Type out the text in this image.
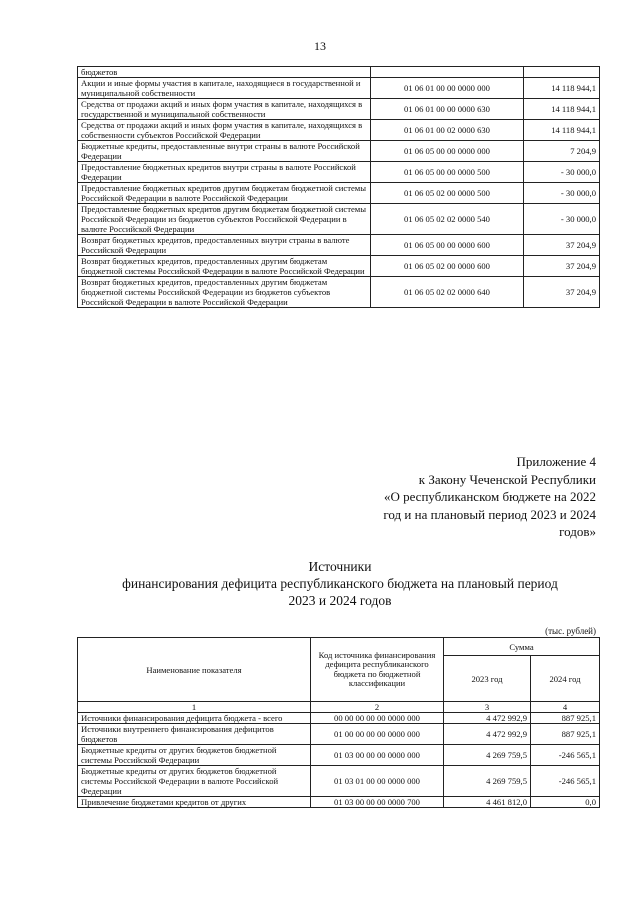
13
бюджетов		
Акции и иные формы участия в капитале, находящиеся в государственной и муниципальной собственности	01 06 01 00 00 0000 000	14 118 944,1
Средства от продажи акций и иных форм участия в капитале, находящихся в государственной и муниципальной собственности	01 06 01 00 00 0000 630	14 118 944,1
Средства от продажи акций и иных форм участия в капитале, находящихся в собственности субъектов Российской Федерации	01 06 01 00 02 0000 630	14 118 944,1
Бюджетные кредиты, предоставленные внутри страны в валюте Российской Федерации	01 06 05 00 00 0000 000	7 204,9
Предоставление бюджетных кредитов внутри страны в валюте Российской Федерации	01 06 05 00 00 0000 500	- 30 000,0
Предоставление бюджетных кредитов другим бюджетам бюджетной системы Российской Федерации в валюте Российской Федерации	01 06 05 02 00 0000 500	- 30 000,0
Предоставление бюджетных кредитов другим бюджетам бюджетной системы Российской Федерации из бюджетов субъектов Российской Федерации в валюте Российской Федерации	01 06 05 02 02 0000 540	- 30 000,0
Возврат бюджетных кредитов, предоставленных внутри страны в валюте Российской Федерации	01 06 05 00 00 0000 600	37 204,9
Возврат бюджетных кредитов, предоставленных другим бюджетам бюджетной системы Российской Федерации в валюте Российской Федерации	01 06 05 02 00 0000 600	37 204,9
Возврат бюджетных кредитов, предоставленных другим бюджетам бюджетной системы Российской Федерации из бюджетов субъектов Российской Федерации в валюте Российской Федерации	01 06 05 02 02 0000 640	37 204,9
Приложение 4
к Закону Чеченской Республики
«О республиканском бюджете на 2022
год и на плановый период 2023 и 2024
годов»
Источники
финансирования дефицита республиканского бюджета на плановый период
2023 и 2024 годов
(тыс. рублей)
Наименование показателя	Код источника финансирования дефицита республиканского бюджета по бюджетной классификации	Сумма	
		2023 год	2024 год
1	2	3	4
Источники финансирования дефицита бюджета - всего	00 00 00 00 00 0000 000	4 472 992,9	887 925,1
Источники внутреннего финансирования дефицитов бюджетов	01 00 00 00 00 0000 000	4 472 992,9	887 925,1
Бюджетные кредиты от других бюджетов бюджетной системы Российской Федерации	01 03 00 00 00 0000 000	4 269 759,5	-246 565,1
Бюджетные кредиты от других бюджетов бюджетной системы Российской Федерации в валюте Российской Федерации	01 03 01 00 00 0000 000	4 269 759,5	-246 565,1
Привлечение бюджетами кредитов от других	01 03 00 00 00 0000 700	4 461 812,0	0,0
